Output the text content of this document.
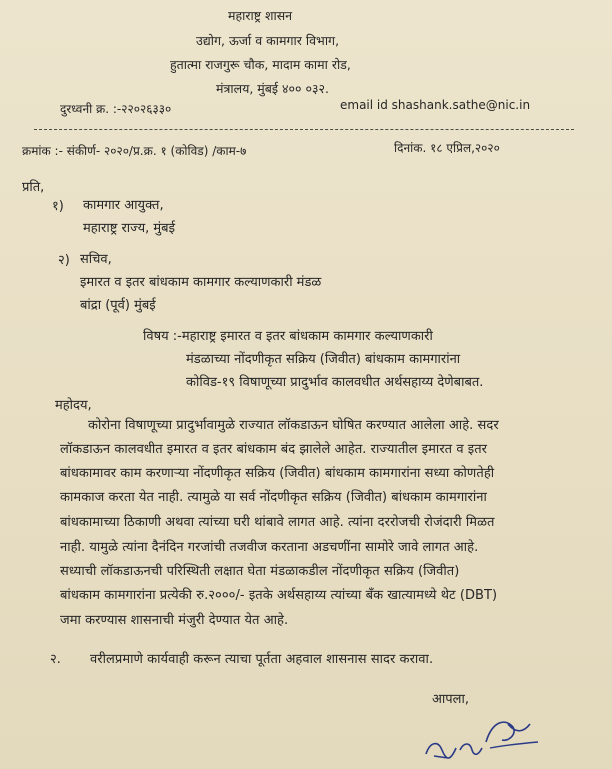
महाराष्ट्र शासन
उद्योग, ऊर्जा व कामगार विभाग,
हुतात्मा राजगुरू चौक, मादाम कामा रोड,
मंत्रालय, मुंबई ४०० ०३२.
दुरध्वनी क्र. :-२२०२६३३०	email id shashank.sathe@nic.in
क्रमांक :- संकीर्ण- २०२०/प्र.क्र. १ (कोविड) /काम-७	दिनांक. १८ एप्रिल,२०२०
प्रति,
१) कामगार आयुक्त,
महाराष्ट्र राज्य, मुंबई
२) सचिव,
इमारत व इतर बांधकाम कामगार कल्याणकारी मंडळ
बांद्रा (पूर्व) मुंबई
विषय :-महाराष्ट्र इमारत व इतर बांधकाम कामगार कल्याणकारी
मंडळाच्या नोंदणीकृत सक्रिय (जिवीत) बांधकाम कामगारांना
कोविड-१९ विषाणूच्या प्रादुर्भाव कालवधीत अर्थसहाय्य देणेबाबत.
महोदय,
कोरोना विषाणूच्या प्रादुर्भावामुळे राज्यात लॉकडाऊन घोषित करण्यात आलेला आहे. सदर
लॉकडाऊन कालवधीत इमारत व इतर बांधकाम बंद झालेले आहेत. राज्यातील इमारत व इतर
बांधकामावर काम करणाऱ्या नोंदणीकृत सक्रिय (जिवीत) बांधकाम कामगारांना सध्या कोणतेही
कामकाज करता येत नाही. त्यामुळे या सर्व नोंदणीकृत सक्रिय (जिवीत) बांधकाम कामगारांना
बांधकामाच्या ठिकाणी अथवा त्यांच्या घरी थांबावे लागत आहे. त्यांना दररोजची रोजंदारी मिळत
नाही. यामुळे त्यांना दैनंदिन गरजांची तजवीज करताना अडचणींना सामोरे जावे लागत आहे.
सध्याची लॉकडाऊनची परिस्थिती लक्षात घेता मंडळाकडील नोंदणीकृत सक्रिय (जिवीत)
बांधकाम कामगारांना प्रत्येकी रु.२०००/- इतके अर्थसहाय्य त्यांच्या बँक खात्यामध्ये थेट (DBT)
जमा करण्यास शासनाची मंजुरी देण्यात येत आहे.
२. वरीलप्रमाणे कार्यवाही करून त्याचा पूर्तता अहवाल शासनास सादर करावा.
आपला,
